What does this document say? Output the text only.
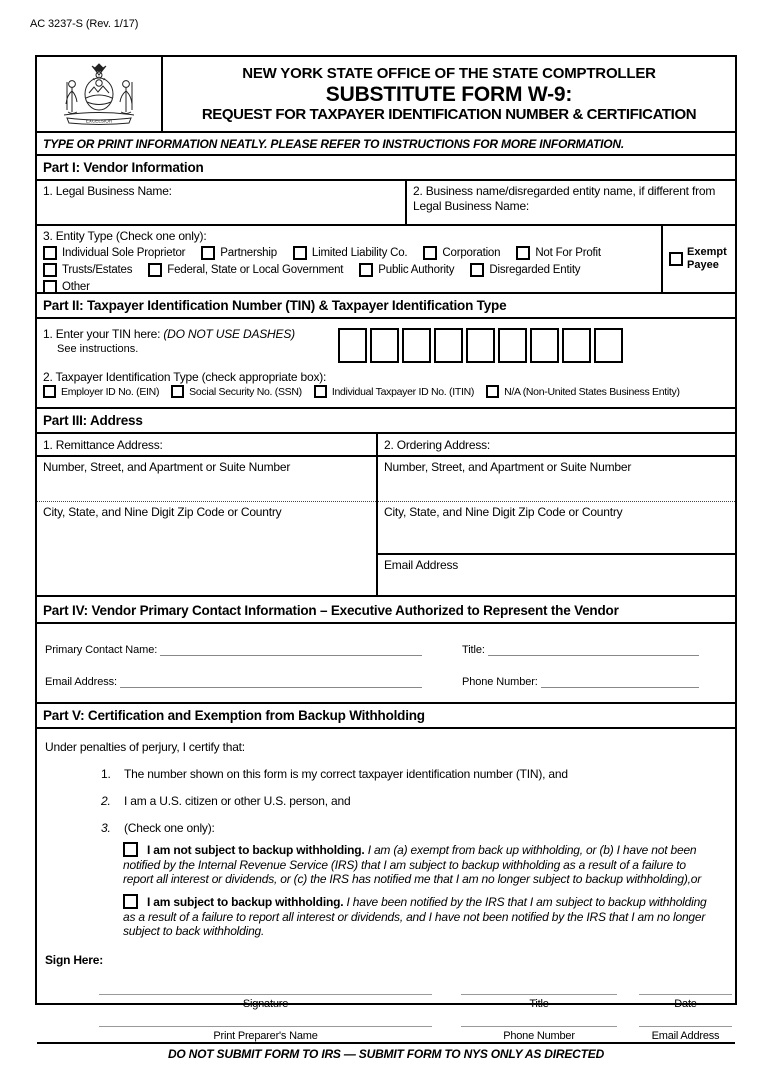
AC 3237-S (Rev. 1/17)
EXCELSIOR
NEW YORK STATE OFFICE OF THE STATE COMPTROLLER
SUBSTITUTE FORM W-9:
REQUEST FOR TAXPAYER IDENTIFICATION NUMBER & CERTIFICATION
TYPE OR PRINT INFORMATION NEATLY. PLEASE REFER TO INSTRUCTIONS FOR MORE INFORMATION.
Part I: Vendor Information
1. Legal Business Name:	2. Business name/disregarded entity name, if different from Legal Business Name:
3. Entity Type (Check one only):
Individual Sole Proprietor	Partnership	Limited Liability Co.	Corporation	Not For Profit
Trusts/Estates	Federal, State or Local Government	Public Authority	Disregarded Entity
Other
Exempt Payee
Part II: Taxpayer Identification Number (TIN) & Taxpayer Identification Type
1. Enter your TIN here: (DO NOT USE DASHES)
See instructions.
2. Taxpayer Identification Type (check appropriate box):
Employer ID No. (EIN)	Social Security No. (SSN)	Individual Taxpayer ID No. (ITIN)	N/A (Non-United States Business Entity)
Part III: Address
1. Remittance Address:
Number, Street, and Apartment or Suite Number
City, State, and Nine Digit Zip Code or Country
2. Ordering Address:
Number, Street, and Apartment or Suite Number
City, State, and Nine Digit Zip Code or Country
Email Address
Part IV: Vendor Primary Contact Information – Executive Authorized to Represent the Vendor
Primary Contact Name:	Title:
Email Address:	Phone Number:
Part V: Certification and Exemption from Backup Withholding
Under penalties of perjury, I certify that:
1.	The number shown on this form is my correct taxpayer identification number (TIN), and
2.	I am a U.S. citizen or other U.S. person, and
3.	(Check one only):
I am not subject to backup withholding. I am (a) exempt from back up withholding, or (b) I have not been notified by the Internal Revenue Service (IRS) that I am subject to backup withholding as a result of a failure to report all interest or dividends, or (c) the IRS has notified me that I am no longer subject to backup withholding),or
I am subject to backup withholding. I have been notified by the IRS that I am subject to backup withholding as a result of a failure to report all interest or dividends, and I have not been notified by the IRS that I am no longer subject to back withholding.
Sign Here:
Signature	Title	Date
Print Preparer's Name	Phone Number	Email Address
DO NOT SUBMIT FORM TO IRS — SUBMIT FORM TO NYS ONLY AS DIRECTED
